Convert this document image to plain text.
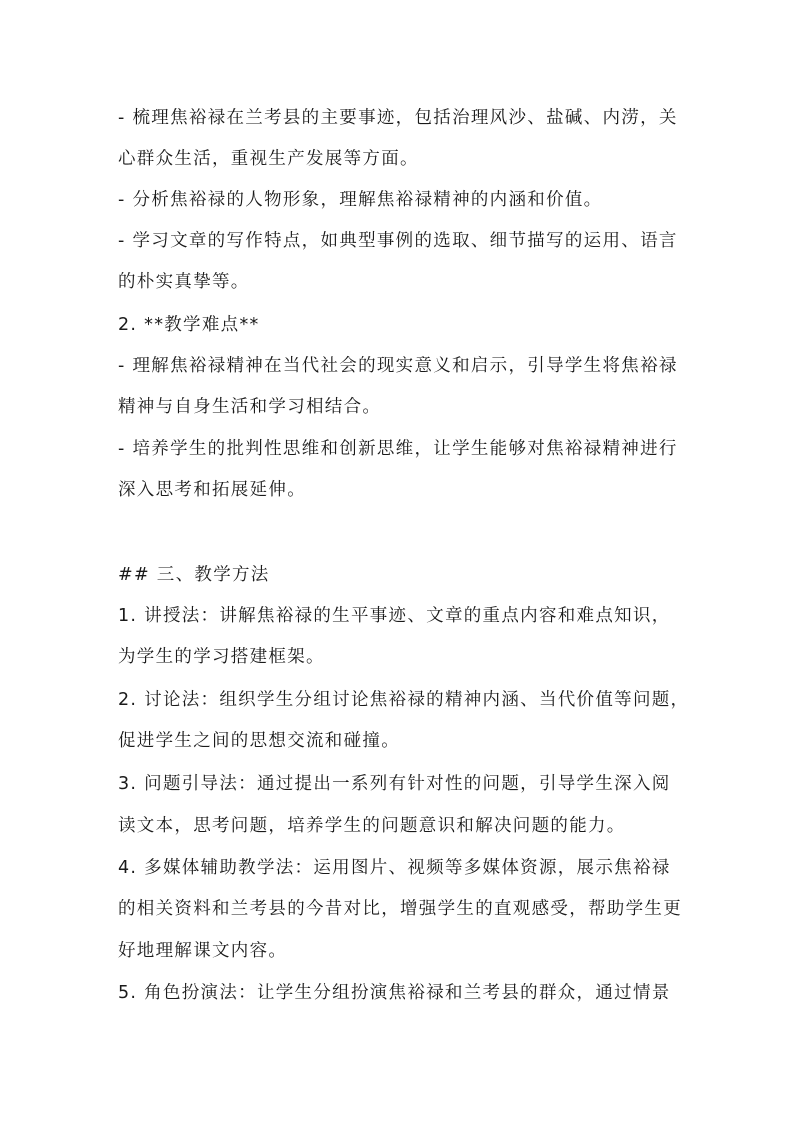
- 梳理焦裕禄在兰考县的主要事迹，包括治理风沙、盐碱、内涝，关
心群众生活，重视生产发展等方面。
- 分析焦裕禄的人物形象，理解焦裕禄精神的内涵和价值。
- 学习文章的写作特点，如典型事例的选取、细节描写的运用、语言
的朴实真挚等。
2. **教学难点**
- 理解焦裕禄精神在当代社会的现实意义和启示，引导学生将焦裕禄
精神与自身生活和学习相结合。
- 培养学生的批判性思维和创新思维，让学生能够对焦裕禄精神进行
深入思考和拓展延伸。
## 三、教学方法
1. 讲授法：讲解焦裕禄的生平事迹、文章的重点内容和难点知识，
为学生的学习搭建框架。
2. 讨论法：组织学生分组讨论焦裕禄的精神内涵、当代价值等问题，
促进学生之间的思想交流和碰撞。
3. 问题引导法：通过提出一系列有针对性的问题，引导学生深入阅
读文本，思考问题，培养学生的问题意识和解决问题的能力。
4. 多媒体辅助教学法：运用图片、视频等多媒体资源，展示焦裕禄
的相关资料和兰考县的今昔对比，增强学生的直观感受，帮助学生更
好地理解课文内容。
5. 角色扮演法：让学生分组扮演焦裕禄和兰考县的群众，通过情景
